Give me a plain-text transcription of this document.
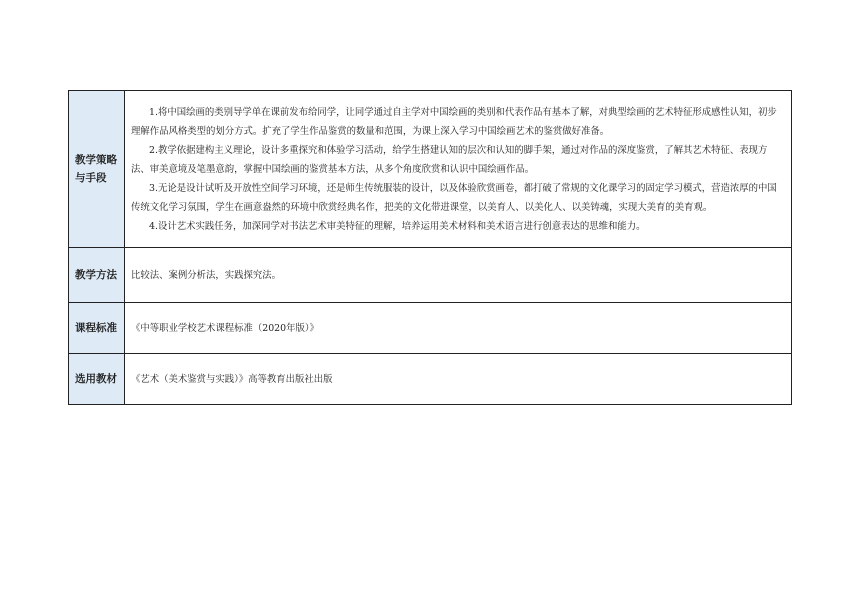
教学策略与手段	1.将中国绘画的类别导学单在课前发布给同学，让同学通过自主学对中国绘画的类别和代表作品有基本了解，对典型绘画的艺术特征形成感性认知，初步理解作品风格类型的划分方式。扩充了学生作品鉴赏的数量和范围，为课上深入学习中国绘画艺术的鉴赏做好准备。

2.教学依据建构主义理论，设计多重探究和体验学习活动，给学生搭建认知的层次和认知的脚手架，通过对作品的深度鉴赏，了解其艺术特征、表现方法、审美意境及笔墨意韵，掌握中国绘画的鉴赏基本方法，从多个角度欣赏和认识中国绘画作品。

3.无论是设计试听及开放性空间学习环境，还是师生传统服装的设计，以及体验欣赏画卷，都打破了常规的文化课学习的固定学习模式，营造浓厚的中国传统文化学习氛围，学生在画意盎然的环境中欣赏经典名作，把美的文化带进课堂，以美育人、以美化人、以美铸魂，实现大美育的美育观。

4.设计艺术实践任务，加深同学对书法艺术审美特征的理解，培养运用美术材料和美术语言进行创意表达的思维和能力。

教学方法	比较法、案例分析法，实践探究法。
课程标准	《中等职业学校艺术课程标准（2020年版）》
选用教材	《艺术（美术鉴赏与实践）》高等教育出版社出版
